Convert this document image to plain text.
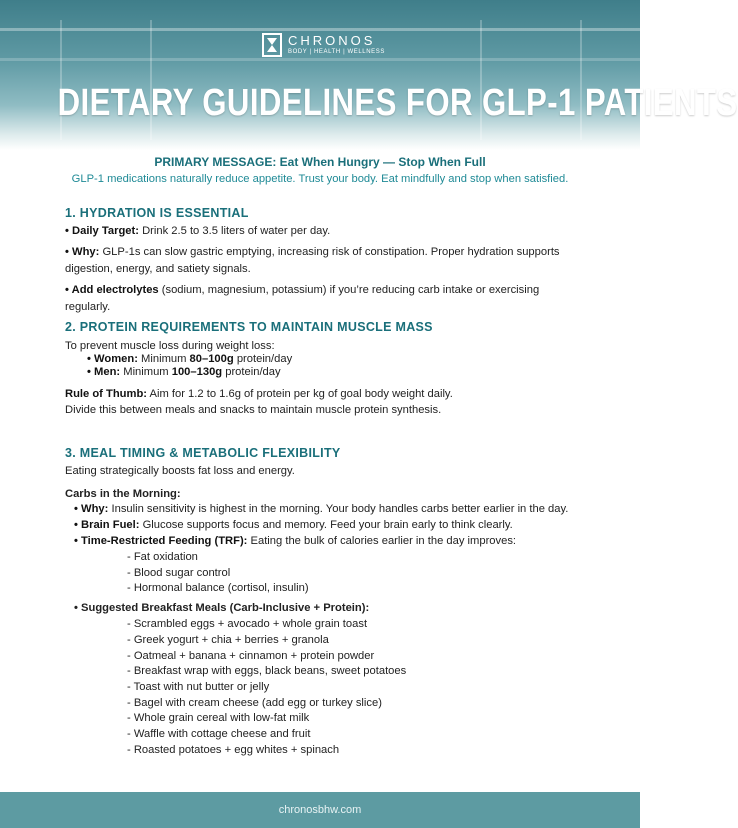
CHRONOS
BODY | HEALTH | WELLNESS
DIETARY GUIDELINES FOR GLP-1 PATIENTS
PRIMARY MESSAGE: Eat When Hungry — Stop When Full
GLP-1 medications naturally reduce appetite. Trust your body. Eat mindfully and stop when satisfied.
1. HYDRATION IS ESSENTIAL
• Daily Target: Drink 2.5 to 3.5 liters of water per day.
• Why: GLP-1s can slow gastric emptying, increasing risk of constipation. Proper hydration supports
digestion, energy, and satiety signals.
• Add electrolytes (sodium, magnesium, potassium) if you’re reducing carb intake or exercising regularly.
2. PROTEIN REQUIREMENTS TO MAINTAIN MUSCLE MASS
To prevent muscle loss during weight loss:
• Women: Minimum 80–100g protein/day
• Men: Minimum 100–130g protein/day
Rule of Thumb: Aim for 1.2 to 1.6g of protein per kg of goal body weight daily.
Divide this between meals and snacks to maintain muscle protein synthesis.
3. MEAL TIMING & METABOLIC FLEXIBILITY
Eating strategically boosts fat loss and energy.
Carbs in the Morning:
• Why: Insulin sensitivity is highest in the morning. Your body handles carbs better earlier in the day.
• Brain Fuel: Glucose supports focus and memory. Feed your brain early to think clearly.
• Time-Restricted Feeding (TRF): Eating the bulk of calories earlier in the day improves:
- Fat oxidation
- Blood sugar control
- Hormonal balance (cortisol, insulin)
• Suggested Breakfast Meals (Carb-Inclusive + Protein):
- Scrambled eggs + avocado + whole grain toast
- Greek yogurt + chia + berries + granola
- Oatmeal + banana + cinnamon + protein powder
- Breakfast wrap with eggs, black beans, sweet potatoes
- Toast with nut butter or jelly
- Bagel with cream cheese (add egg or turkey slice)
- Whole grain cereal with low-fat milk
- Waffle with cottage cheese and fruit
- Roasted potatoes + egg whites + spinach
chronosbhw.com
